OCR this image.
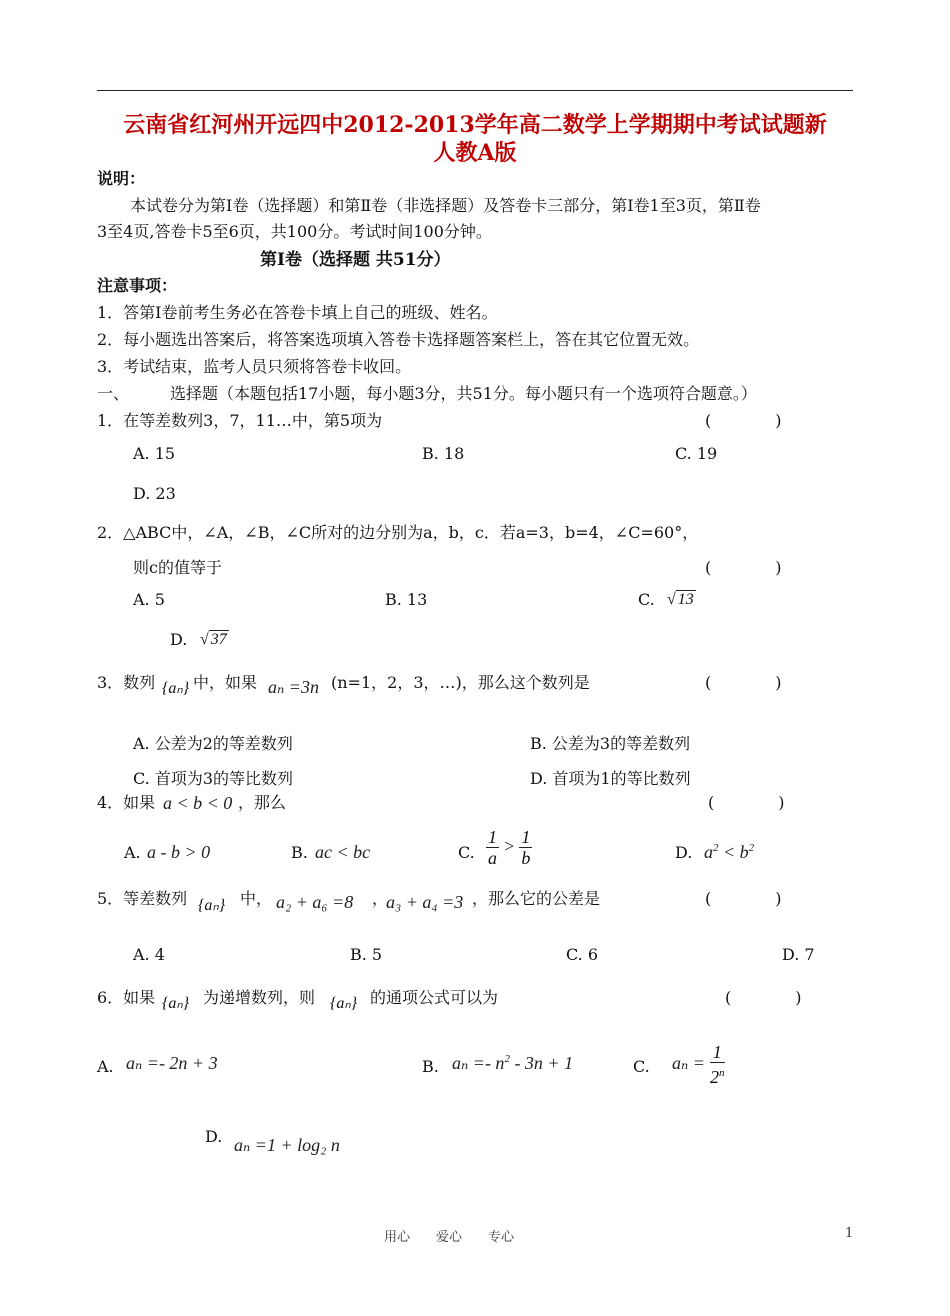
云南省红河州开远四中2012-2013学年高二数学上学期期中考试试题新
人教A版
说明：
本试卷分为第Ⅰ卷（选择题）和第Ⅱ卷（非选择题）及答卷卡三部分，第Ⅰ卷1至3页，第Ⅱ卷
3至4页,答卷卡5至6页，共100分。考试时间100分钟。
第Ⅰ卷（选择题 共51分）
注意事项：
1．答第Ⅰ卷前考生务必在答卷卡填上自己的班级、姓名。
2．每小题选出答案后，将答案选项填入答卷卡选择题答案栏上，答在其它位置无效。
3．考试结束，监考人员只须将答卷卡收回。
一、	选择题（本题包括17小题，每小题3分，共51分。每小题只有一个选项符合题意。）
1．在等差数列3，7，11…中，第5项为	(　　　　)
A. 15	B. 18	C. 19
D. 23
2．△ABC中，∠A，∠B，∠C所对的边分别为a，b，c．若a=3，b=4，∠C=60°，
则c的值等于	(　　　　)
A. 5	B. 13	C. √ 13
D. √ 37
3．数列 {aₙ} 中，如果 aₙ =3n (n=1，2，3，…)，那么这个数列是	(　　　　)
A. 公差为2的等差数列	B. 公差为3的等差数列
C. 首项为3的等比数列	D. 首项为1的等比数列
4．如果 a < b < 0 ，那么	(　　　　)
A. a - b > 0	B. ac < bc	C. $\frac{1}{a} > \frac{1}{b}$	D. $a^2 < b^2$
5．等差数列 {aₙ} 中， a₂ + a₆ =8 ，
a₃ + a₄ =3 ，那么它的公差是	(　　　　)
A. 4	B. 5	C. 6	D. 7
6．如果 {aₙ} 为递增数列，则 {aₙ} 的通项公式可以为	(　　　　)
A. aₙ =- 2n + 3	B. $a_n =- n^2 - 3n + 1$	C. $a_n = \frac{1}{2^n}$
D. aₙ =1 + log₂ n
用心　　爱心　　专心	1
